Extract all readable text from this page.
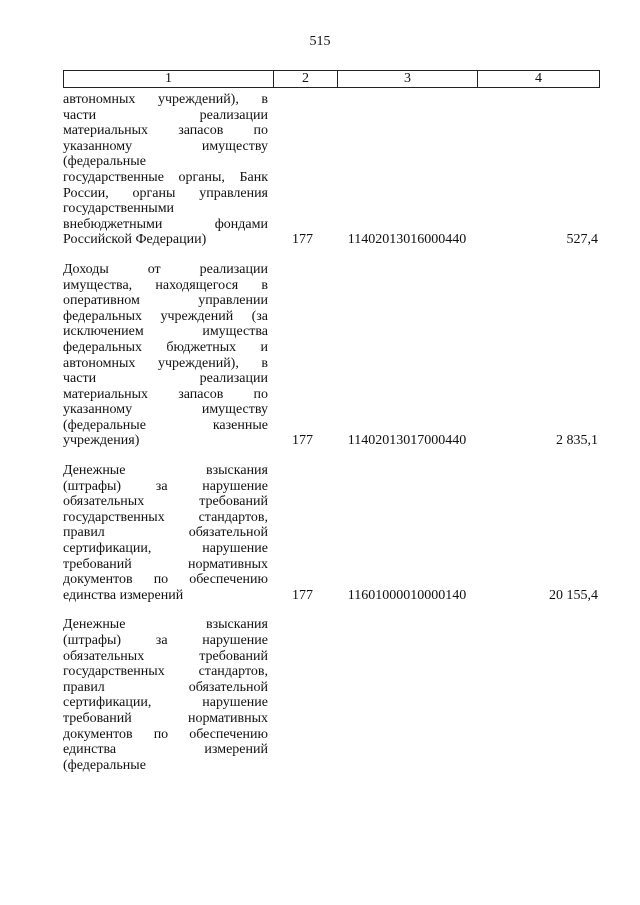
515
1	2	3	4
автономных учреждений), в
части реализации
материальных запасов по
указанному имуществу
(федеральные
государственные органы, Банк
России, органы управления
государственными
внебюджетными фондами
Российской Федерации)	177	11402013016000440	527,4
Доходы от реализации
имущества, находящегося в
оперативном управлении
федеральных учреждений (за
исключением имущества
федеральных бюджетных и
автономных учреждений), в
части реализации
материальных запасов по
указанному имуществу
(федеральные казенные
учреждения)	177	11402013017000440	2 835,1
Денежные взыскания
(штрафы) за нарушение
обязательных требований
государственных стандартов,
правил обязательной
сертификации, нарушение
требований нормативных
документов по обеспечению
единства измерений	177	11601000010000140	20 155,4
Денежные взыскания
(штрафы) за нарушение
обязательных требований
государственных стандартов,
правил обязательной
сертификации, нарушение
требований нормативных
документов по обеспечению
единства измерений
(федеральные
